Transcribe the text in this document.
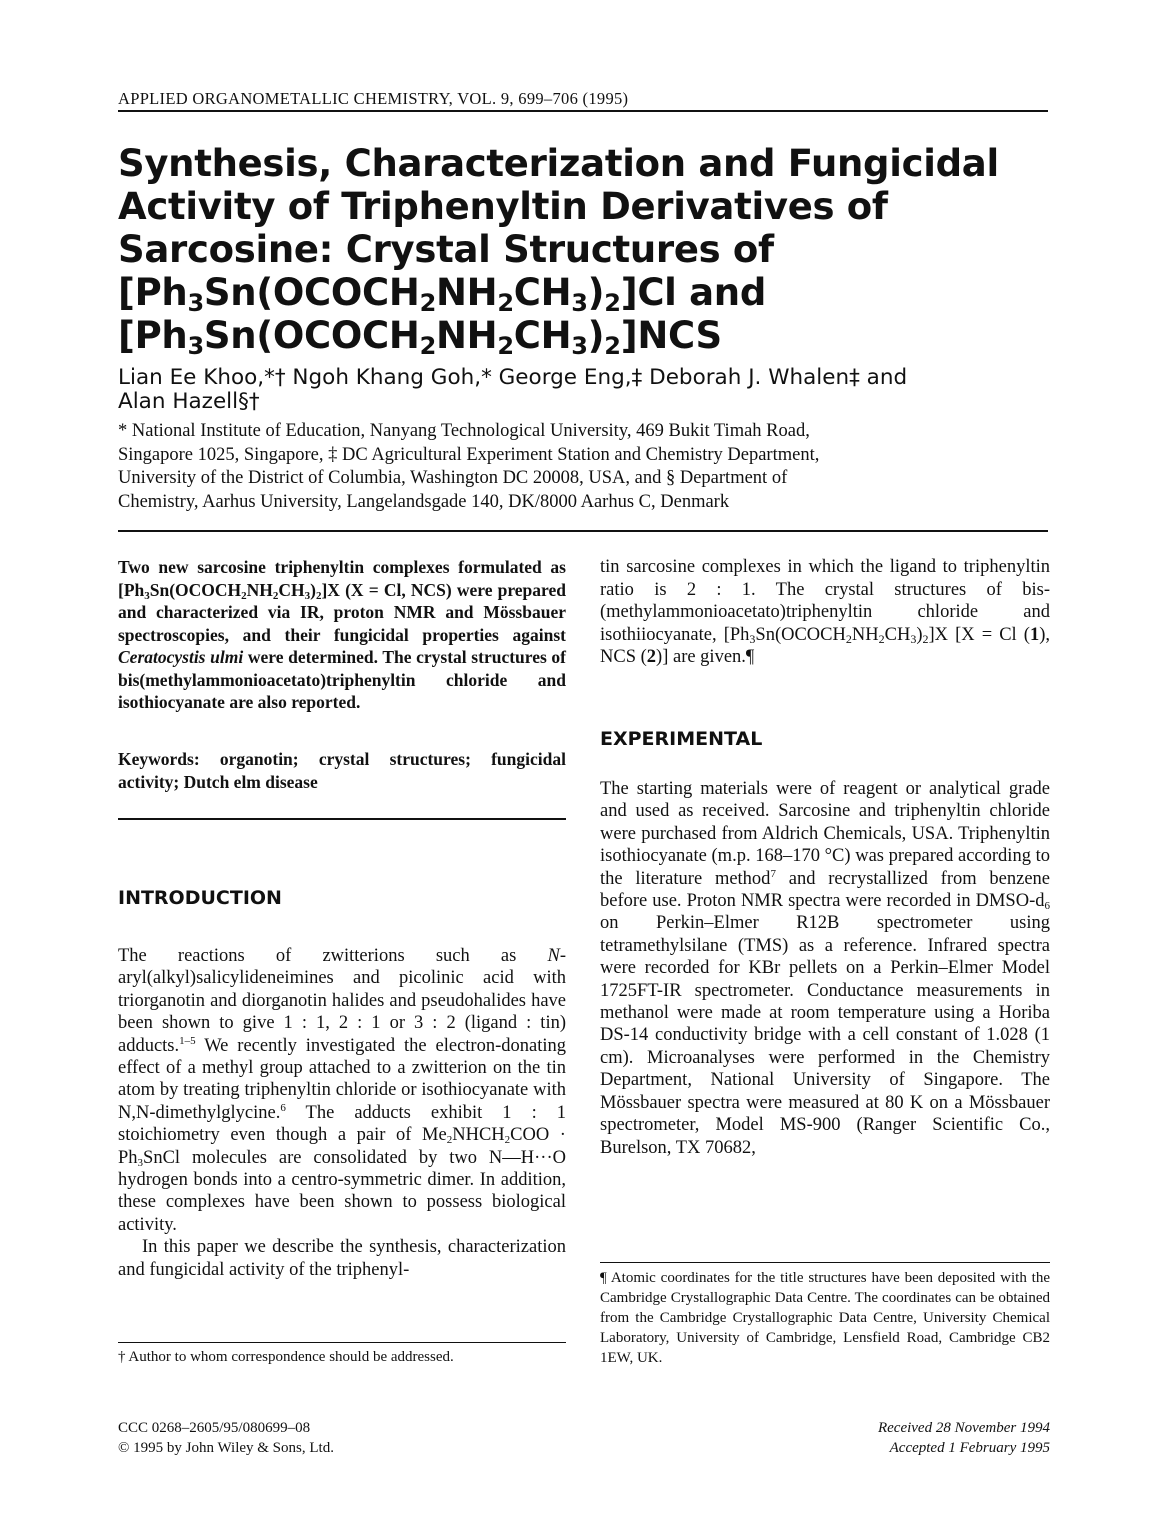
APPLIED ORGANOMETALLIC CHEMISTRY, VOL. 9, 699–706 (1995)
Synthesis, Characterization and Fungicidal
Activity of Triphenyltin Derivatives of
Sarcosine: Crystal Structures of
$[Ph_3Sn(OCOCH_2NH_2CH_3)_2]Cl$ and
$[Ph_3Sn(OCOCH_2NH_2CH_3)_2]NCS$
Lian Ee Khoo,*† Ngoh Khang Goh,* George Eng,‡ Deborah J. Whalen‡ and
Alan Hazell§†
* National Institute of Education, Nanyang Technological University, 469 Bukit Timah Road,
Singapore 1025, Singapore, ‡ DC Agricultural Experiment Station and Chemistry Department,
University of the District of Columbia, Washington DC 20008, USA, and § Department of
Chemistry, Aarhus University, Langelandsgade 140, DK/8000 Aarhus C, Denmark
Two new sarcosine triphenyltin complexes formulated as $[Ph_3Sn(OCOCH_2NH_2CH_3)_2]X$ (X = Cl, NCS) were prepared and characterized via IR, proton NMR and Mössbauer spectroscopies, and their fungicidal properties against Ceratocystis ulmi were determined. The crystal structures of bis(methylammonioacetato)triphenyltin chloride and isothiocyanate are also reported.
Keywords: organotin; crystal structures; fungicidal activity; Dutch elm disease
INTRODUCTION
The reactions of zwitterions such as N-aryl(alkyl)salicylideneimines and picolinic acid with triorganotin and diorganotin halides and pseudohalides have been shown to give 1 : 1, 2 : 1 or 3 : 2 (ligand : tin) adducts.$^{1-5}$ We recently investigated the electron-donating effect of a methyl group attached to a zwitterion on the tin atom by treating triphenyltin chloride or isothiocyanate with N,N-dimethylglycine.$^6$ The adducts exhibit 1 : 1 stoichiometry even though a pair of $Me_2NHCH_2COO$ · $Ph_3SnCl$ molecules are consolidated by two N—H···O hydrogen bonds into a centro-symmetric dimer. In addition, these complexes have been shown to possess biological activity.
In this paper we describe the synthesis, characterization and fungicidal activity of the triphenyl-
† Author to whom correspondence should be addressed.
tin sarcosine complexes in which the ligand to triphenyltin ratio is 2 : 1. The crystal structures of bis-(methylammonioacetato)triphenyltin chloride and isothiiocyanate, $[Ph_3Sn(OCOCH_2NH_2CH_3)_2]X$ [X = Cl (1), NCS (2)] are given.¶
EXPERIMENTAL
The starting materials were of reagent or analytical grade and used as received. Sarcosine and triphenyltin chloride were purchased from Aldrich Chemicals, USA. Triphenyltin isothiocyanate (m.p. 168–170 °C) was prepared according to the literature method$^7$ and recrystallized from benzene before use. Proton NMR spectra were recorded in DMSO-$d_6$ on Perkin–Elmer R12B spectrometer using tetramethylsilane (TMS) as a reference. Infrared spectra were recorded for KBr pellets on a Perkin–Elmer Model 1725FT-IR spectrometer. Conductance measurements in methanol were made at room temperature using a Horiba DS-14 conductivity bridge with a cell constant of 1.028 (1 cm). Microanalyses were performed in the Chemistry Department, National University of Singapore. The Mössbauer spectra were measured at 80 K on a Mössbauer spectrometer, Model MS-900 (Ranger Scientific Co., Burelson, TX 70682,
¶ Atomic coordinates for the title structures have been deposited with the Cambridge Crystallographic Data Centre. The coordinates can be obtained from the Cambridge Crystallographic Data Centre, University Chemical Laboratory, University of Cambridge, Lensfield Road, Cambridge CB2 1EW, UK.
CCC 0268–2605/95/080699–08
© 1995 by John Wiley & Sons, Ltd.
Received 28 November 1994
Accepted 1 February 1995
